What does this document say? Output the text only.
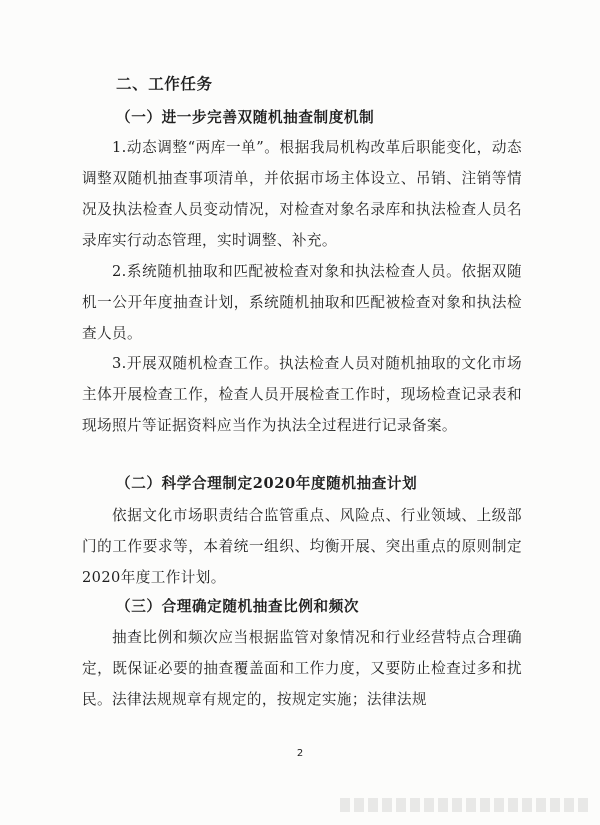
二、工作任务
（一）进一步完善双随机抽查制度机制

1.动态调整“两库一单”。根据我局机构改革后职能变化，动态调整双随机抽查事项清单，并依据市场主体设立、吊销、注销等情况及执法检查人员变动情况，对检查对象名录库和执法检查人员名录库实行动态管理，实时调整、补充。

2.系统随机抽取和匹配被检查对象和执法检查人员。依据双随机一公开年度抽查计划，系统随机抽取和匹配被检查对象和执法检查人员。

3.开展双随机检查工作。执法检查人员对随机抽取的文化市场主体开展检查工作，检查人员开展检查工作时，现场检查记录表和现场照片等证据资料应当作为执法全过程进行记录备案。

（二）科学合理制定2020年度随机抽查计划

依据文化市场职责结合监管重点、风险点、行业领域、上级部门的工作要求等，本着统一组织、均衡开展、突出重点的原则制定2020年度工作计划。

（三）合理确定随机抽查比例和频次

抽查比例和频次应当根据监管对象情况和行业经营特点合理确定，既保证必要的抽查覆盖面和工作力度，又要防止检查过多和扰民。法律法规规章有规定的，按规定实施；法律法规

2
